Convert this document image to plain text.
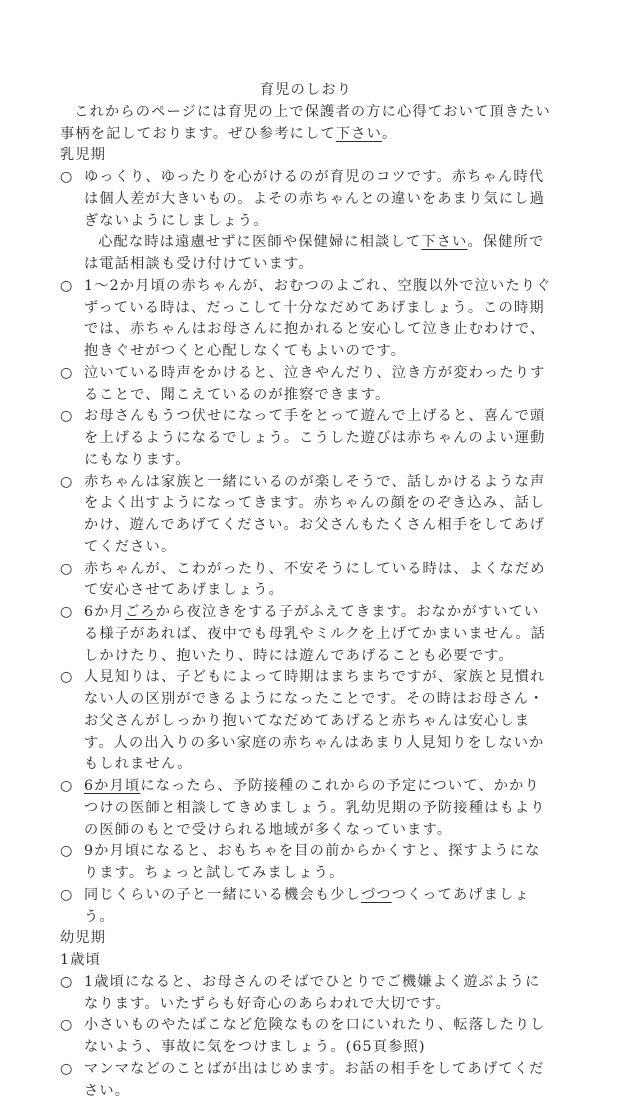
育児のしおり

これからのページには育児の上で保護者の方に心得ておいて頂きたい事柄を記しております。ぜひ参考にして下さい。

乳児期

○ ゆっくり、ゆったりを心がけるのが育児のコツです。赤ちゃん時代は個人差が大きいもの。よその赤ちゃんとの違いをあまり気にし過ぎないようにしましょう。
心配な時は遠慮せずに医師や保健婦に相談して下さい。保健所では電話相談も受け付けています。
○ 1〜2か月頃の赤ちゃんが、おむつのよごれ、空腹以外で泣いたりぐずっている時は、だっこして十分なだめてあげましょう。この時期では、赤ちゃんはお母さんに抱かれると安心して泣き止むわけで、抱きぐせがつくと心配しなくてもよいのです。
○ 泣いている時声をかけると、泣きやんだり、泣き方が変わったりすることで、聞こえているのが推察できます。
○ お母さんもうつ伏せになって手をとって遊んで上げると、喜んで頭を上げるようになるでしょう。こうした遊びは赤ちゃんのよい運動にもなります。
○ 赤ちゃんは家族と一緒にいるのが楽しそうで、話しかけるような声をよく出すようになってきます。赤ちゃんの顔をのぞき込み、話しかけ、遊んであげてください。お父さんもたくさん相手をしてあげてください。
○ 赤ちゃんが、こわがったり、不安そうにしている時は、よくなだめて安心させてあげましょう。
○ 6か月ごろから夜泣きをする子がふえてきます。おなかがすいている様子があれば、夜中でも母乳やミルクを上げてかまいません。話しかけたり、抱いたり、時には遊んであげることも必要です。
○ 人見知りは、子どもによって時期はまちまちですが、家族と見慣れない人の区別ができるようになったことです。その時はお母さん・お父さんがしっかり抱いてなだめてあげると赤ちゃんは安心します。人の出入りの多い家庭の赤ちゃんはあまり人見知りをしないかもしれません。
○ 6か月頃になったら、予防接種のこれからの予定について、かかりつけの医師と相談してきめましょう。乳幼児期の予防接種はもよりの医師のもとで受けられる地域が多くなっています。
○ 9か月頃になると、おもちゃを目の前からかくすと、探すようになります。ちょっと試してみましょう。
○ 同じくらいの子と一緒にいる機会も少しづつつくってあげましょう。

幼児期

1歳頃

○ 1歳頃になると、お母さんのそばでひとりでご機嫌よく遊ぶようになります。いたずらも好奇心のあらわれで大切です。
○ 小さいものやたばこなど危険なものを口にいれたり、転落したりしないよう、事故に気をつけましょう。(65頁参照)
○ マンマなどのことばが出はじめます。お話の相手をしてあげてください。
